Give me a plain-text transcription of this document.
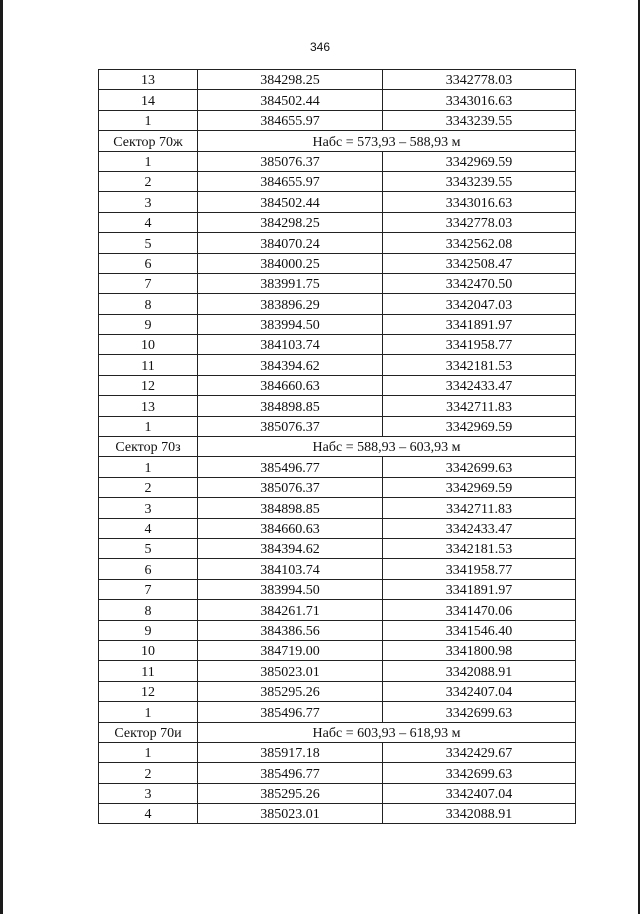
346
13	384298.25	3342778.03
14	384502.44	3343016.63
1	384655.97	3343239.55
Сектор 70ж	Набс = 573,93 – 588,93 м	
1	385076.37	3342969.59
2	384655.97	3343239.55
3	384502.44	3343016.63
4	384298.25	3342778.03
5	384070.24	3342562.08
6	384000.25	3342508.47
7	383991.75	3342470.50
8	383896.29	3342047.03
9	383994.50	3341891.97
10	384103.74	3341958.77
11	384394.62	3342181.53
12	384660.63	3342433.47
13	384898.85	3342711.83
1	385076.37	3342969.59
Сектор 70з	Набс = 588,93 – 603,93 м	
1	385496.77	3342699.63
2	385076.37	3342969.59
3	384898.85	3342711.83
4	384660.63	3342433.47
5	384394.62	3342181.53
6	384103.74	3341958.77
7	383994.50	3341891.97
8	384261.71	3341470.06
9	384386.56	3341546.40
10	384719.00	3341800.98
11	385023.01	3342088.91
12	385295.26	3342407.04
1	385496.77	3342699.63
Сектор 70и	Набс = 603,93 – 618,93 м	
1	385917.18	3342429.67
2	385496.77	3342699.63
3	385295.26	3342407.04
4	385023.01	3342088.91
